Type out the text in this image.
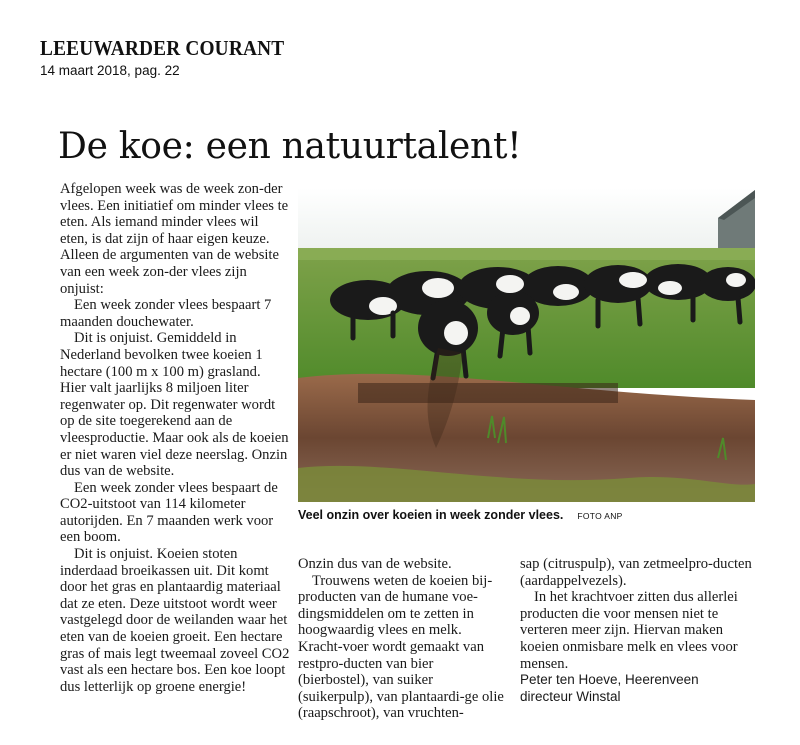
LEEUWARDER COURANT
14 maart 2018, pag. 22
De koe: een natuurtalent!

Afgelopen week was de week zon-der vlees. Een initiatief om minder vlees te eten. Als iemand minder vlees wil eten, is dat zijn of haar eigen keuze. Alleen de argumenten van de website van een week zon-der vlees zijn onjuist:

Een week zonder vlees bespaart 7 maanden douchewater.

Dit is onjuist. Gemiddeld in Nederland bevolken twee koeien 1 hectare (100 m x 100 m) grasland. Hier valt jaarlijks 8 miljoen liter regenwater op. Dit regenwater wordt op de site toegerekend aan de vleesproductie. Maar ook als de koeien er niet waren viel deze neerslag. Onzin dus van de website.

Een week zonder vlees bespaart de CO2-uitstoot van 114 kilometer autorijden. En 7 maanden werk voor een boom.

Dit is onjuist. Koeien stoten inderdaad broeikassen uit. Dit komt door het gras en plantaardig materiaal dat ze eten. Deze uitstoot wordt weer vastgelegd door de weilanden waar het eten van de koeien groeit. Een hectare gras of mais legt tweemaal zoveel CO2 vast als een hectare bos. Een koe loopt dus letterlijk op groene energie!

Veel onzin over koeien in week zonder vlees. FOTO ANP

Onzin dus van de website.

Trouwens weten de koeien bij-producten van de humane voe-dingsmiddelen om te zetten in hoogwaardig vlees en melk. Kracht-voer wordt gemaakt van restpro-ducten van bier (bierbostel), van suiker (suikerpulp), van plantaardi-ge olie (raapschroot), van vruchten-

sap (citruspulp), van zetmeelpro-ducten (aardappelvezels).

In het krachtvoer zitten dus allerlei producten die voor mensen niet te verteren meer zijn. Hiervan maken koeien onmisbare melk en vlees voor mensen.

Peter ten Hoeve, Heerenveen

directeur Winstal
